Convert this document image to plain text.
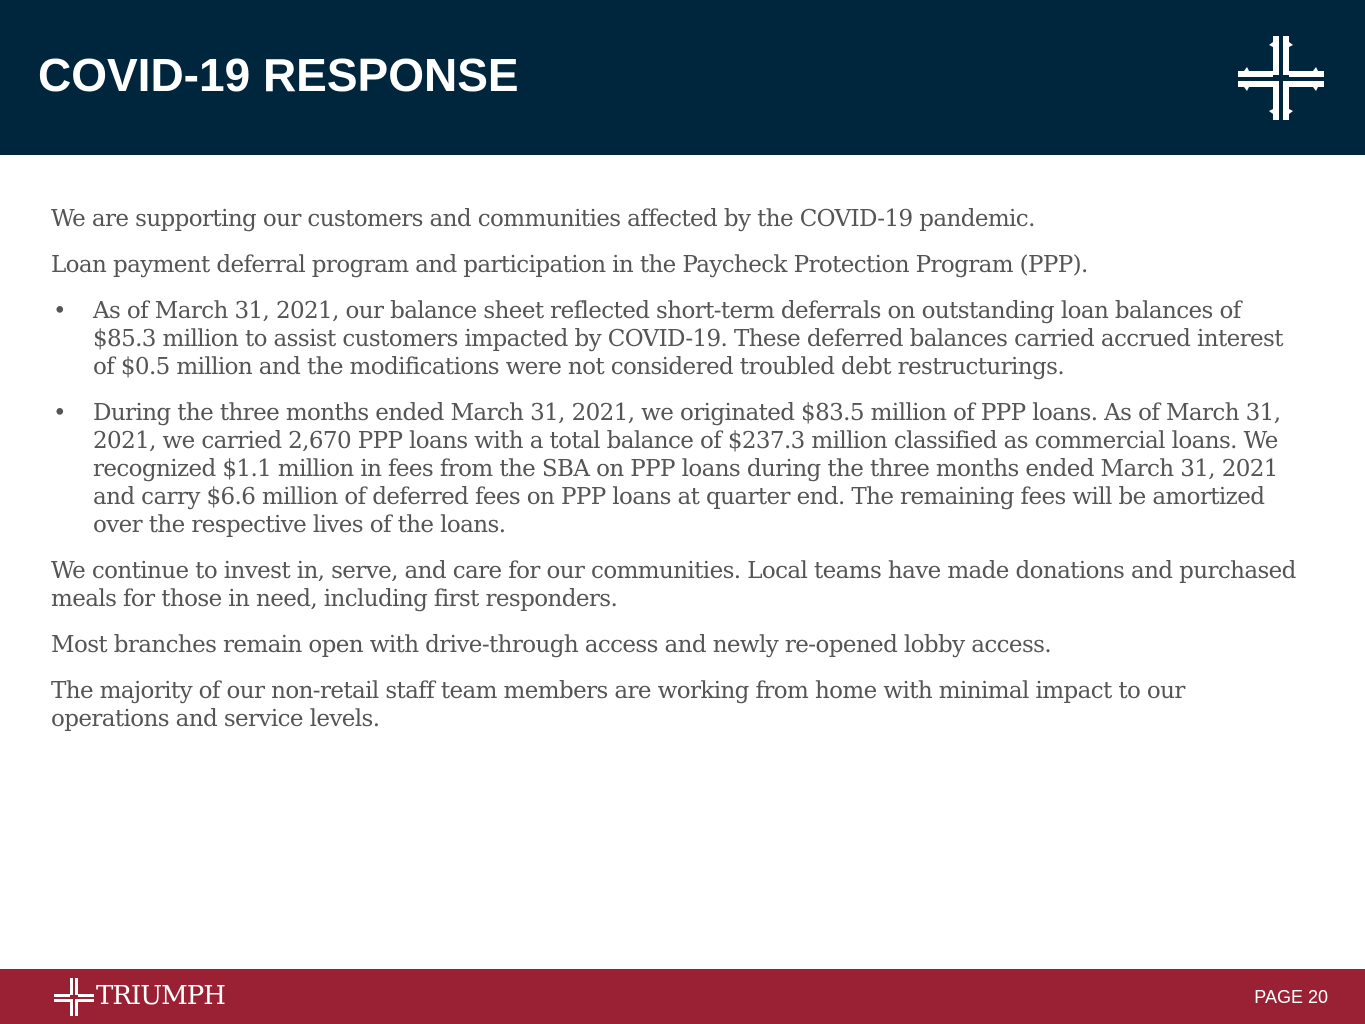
COVID-19 RESPONSE

We are supporting our customers and communities affected by the COVID-19 pandemic.

Loan payment deferral program and participation in the Paycheck Protection Program (PPP).

• As of March 31, 2021, our balance sheet reflected short-term deferrals on outstanding loan balances of $85.3 million to assist customers impacted by COVID-19. These deferred balances carried accrued interest of $0.5 million and the modifications were not considered troubled debt restructurings.
• During the three months ended March 31, 2021, we originated $83.5 million of PPP loans. As of March 31, 2021, we carried 2,670 PPP loans with a total balance of $237.3 million classified as commercial loans. We recognized $1.1 million in fees from the SBA on PPP loans during the three months ended March 31, 2021 and carry $6.6 million of deferred fees on PPP loans at quarter end. The remaining fees will be amortized over the respective lives of the loans.

We continue to invest in, serve, and care for our communities. Local teams have made donations and purchased meals for those in need, including first responders.

Most branches remain open with drive-through access and newly re-opened lobby access.

The majority of our non-retail staff team members are working from home with minimal impact to our operations and service levels.

TRIUMPH	PAGE 20
